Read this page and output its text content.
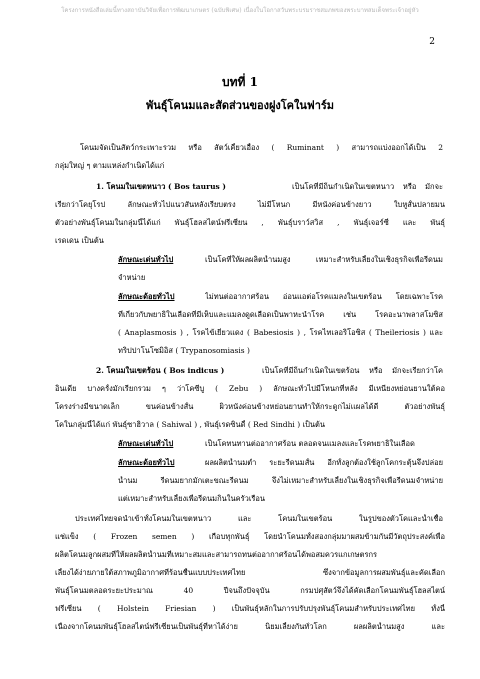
โครงการหนังสือเล่มนี้ทางสถาบันวิจัยเพื่อการพัฒนาเกษตร (ฉบับพิเศษ) เนื่องในโอกาสวันพระบรมราชสมภพของพระบาทสมเด็จพระเจ้าอยู่หัว
2
บทที่ 1
พันธุ์โคนมและสัดส่วนของฝูงโคในฟาร์ม
โคนมจัดเป็นสัตว์กระเพาะรวม หรือ สัตว์เคี้ยวเอื้อง ( Ruminant ) สามารถแบ่งออกได้เป็น 2
กลุ่มใหญ่ ๆ ตามแหล่งกำเนิดได้แก่
1. โคนมในเขตหนาว ( Bos taurus )	เป็นโคที่มีถิ่นกำเนิดในเขตหนาว หรือ มักจะ
เรียกว่าโคยุโรป ลักษณะทั่วไปแนวสันหลังเรียบตรง ไม่มีโหนก มีหนังค่อนข้างยาว ใบหูสั้นปลายมน
ตัวอย่างพันธุ์โคนมในกลุ่มนี้ได้แก่ พันธุ์โฮลสไตน์ฟรีเซี่ยน , พันธุ์บราว์สวิส , พันธุ์เจอร์ซี่ และ พันธุ์
เรดเดน เป็นต้น
ลักษณะเด่นทั่วไป	เป็นโคที่ให้ผลผลิตน้ำนมสูง เหมาะสำหรับเลี้ยงในเชิงธุรกิจเพื่อรีดนม
จำหน่าย
ลักษณะด้อยทั่วไป	ไม่ทนต่ออากาศร้อน อ่อนแอต่อโรคแมลงในเขตร้อน โดยเฉพาะโรค
ที่เกี่ยวกับพยาธิในเลือดที่มีเห็บและแมลงดูดเลือดเป็นพาหะนำโรค เช่น โรคอะนาพลาสโมซิส
( Anaplasmosis ) , โรคไข้เยี่ยวแดง ( Babesiosis ) , โรคไทเลอริโอซิส ( Theileriosis ) และ
ทริปปาโนโซมิอิส ( Trypanosomiasis )
2. โคนมในเขตร้อน ( Bos indicus )	เป็นโคที่มีถิ่นกำเนิดในเขตร้อน หรือ มักจะเรียกว่าโค
อินเดีย บางครั้งมักเรียกรวม ๆ ว่าโคซีบู ( Zebu ) ลักษณะทั่วไปมีโหนกที่หลัง มีเหนียงหย่อนยานใต้คอ
โครงร่างมีขนาดเล็ก ขนค่อนข้างสั้น ผิวหนังค่อนข้างหย่อนยานทำให้กระดูกไม่เเผลได้ดี ตัวอย่างพันธุ์
โคในกลุ่มนี้ได้แก่ พันธุ์ซาฮิวาล ( Sahiwal ) , พันธุ์เรดซินดี้ ( Red Sindhi ) เป็นต้น
ลักษณะเด่นทั่วไป	เป็นโคทนทานต่ออากาศร้อน ตลอดจนแมลงและโรคพยาธิในเลือด
ลักษณะด้อยทั่วไป	ผลผลิตน้ำนมต่ำ ระยะรีดนมสั้น อีกทั้งลูกต้องใช้ลูกโคกระตุ้นจึงปล่อย
น้ำนม รีดนมยากมักเตะขณะรีดนม จึงไม่เหมาะสำหรับเลี้ยงในเชิงธุรกิจเพื่อรีดนมจำหน่าย
แต่เหมาะสำหรับเลี้ยงเพื่อรีดนมกินในครัวเรือน
ประเทศไทยจดนำเข้าทั้งโคนมในเขตหนาว และ โคนมในเขตร้อน ในรูปของตัวโคและน้ำเชื้อ
แช่แข็ง ( Frozen semen ) เกือบทุกพันธุ์ โดยนำโคนมทั้งสองกลุ่มมาผสมข้ามกันมีวัตถุประสงค์เพื่อ
ผลิตโคนมลูกผสมที่ให้ผลผลิตน้ำนมที่เหมาะสมและสามารถทนต่ออากาศร้อนได้พอสมควรแกเกษตรกร
เลี้ยงได้ง่ายภายใต้สภาพภูมิอากาศที่ร้อนชื้นแบบประเทศไทย ซึ่งจากข้อมูลการผสมพันธุ์และคัดเลือก
พันธุ์โคนมตลอดระยะประมาณ 40 ปีจนถึงปัจจุบัน กรมปศุสัตว์จึงได้คัดเลือกโคนมพันธุ์โฮลสไตน์
ฟรีเซี่ยน ( Holstein Friesian ) เป็นพันธุ์หลักในการปรับปรุงพันธุ์โคนมสำหรับประเทศไทย ทั้งนี้
เนื่องจากโคนมพันธุ์โฮลสไตน์ฟรีเซี่ยนเป็นพันธุ์ที่หาได้ง่าย นิยมเลี้ยงกันทั่วโลก ผลผลิตน้ำนมสูง และ
